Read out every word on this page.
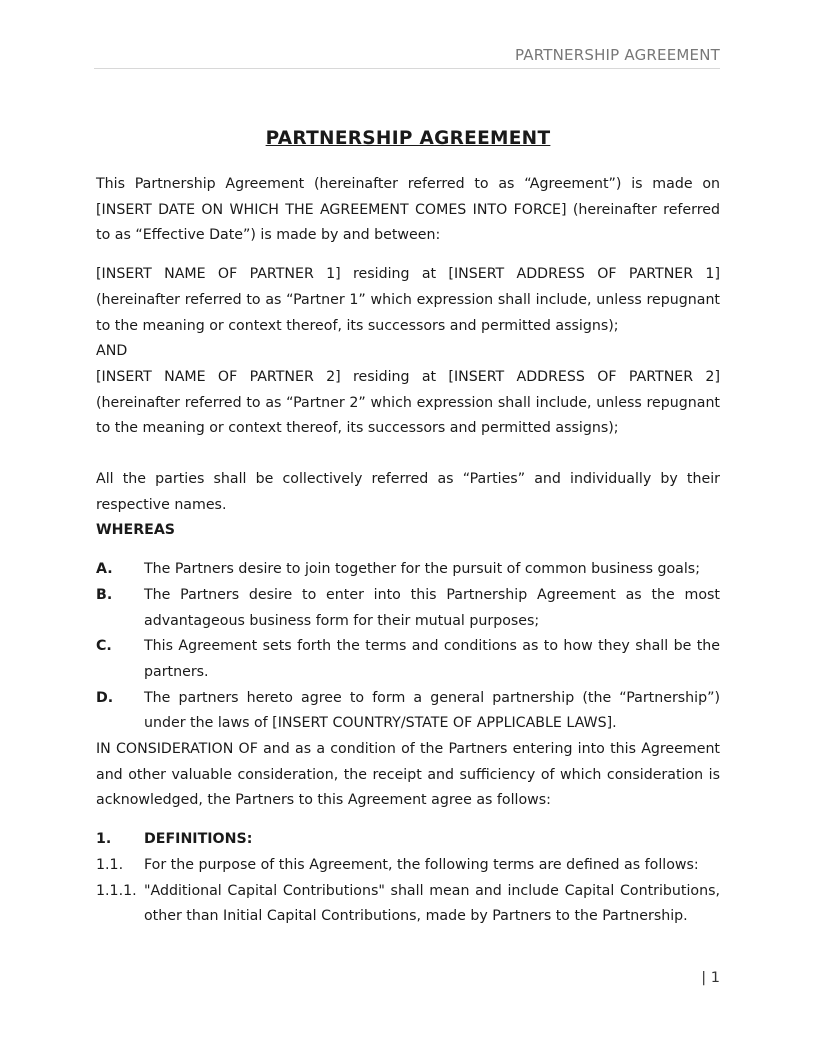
PARTNERSHIP AGREEMENT
PARTNERSHIP AGREEMENT

This Partnership Agreement (hereinafter referred to as “Agreement”) is made on [INSERT DATE ON WHICH THE AGREEMENT COMES INTO FORCE] (hereinafter referred to as “Effective Date”) is made by and between:

[INSERT NAME OF PARTNER 1] residing at [INSERT ADDRESS OF PARTNER 1] (hereinafter referred to as “Partner 1” which expression shall include, unless repugnant to the meaning or context thereof, its successors and permitted assigns);

AND

[INSERT NAME OF PARTNER 2] residing at [INSERT ADDRESS OF PARTNER 2] (hereinafter referred to as “Partner 2” which expression shall include, unless repugnant to the meaning or context thereof, its successors and permitted assigns);

All the parties shall be collectively referred as “Parties” and individually by their respective names.

WHEREAS

A.	The Partners desire to join together for the pursuit of common business goals;
B.	The Partners desire to enter into this Partnership Agreement as the most advantageous business form for their mutual purposes;
C.	This Agreement sets forth the terms and conditions as to how they shall be the partners.
D.	The partners hereto agree to form a general partnership (the “Partnership”) under the laws of [INSERT COUNTRY/STATE OF APPLICABLE LAWS].

IN CONSIDERATION OF and as a condition of the Partners entering into this Agreement and other valuable consideration, the receipt and sufficiency of which consideration is acknowledged, the Partners to this Agreement agree as follows:

1.	DEFINITIONS:
1.1.	For the purpose of this Agreement, the following terms are defined as follows:
1.1.1. "Additional Capital Contributions" shall mean and include Capital Contributions, other than Initial Capital Contributions, made by Partners to the Partnership.
| 1
